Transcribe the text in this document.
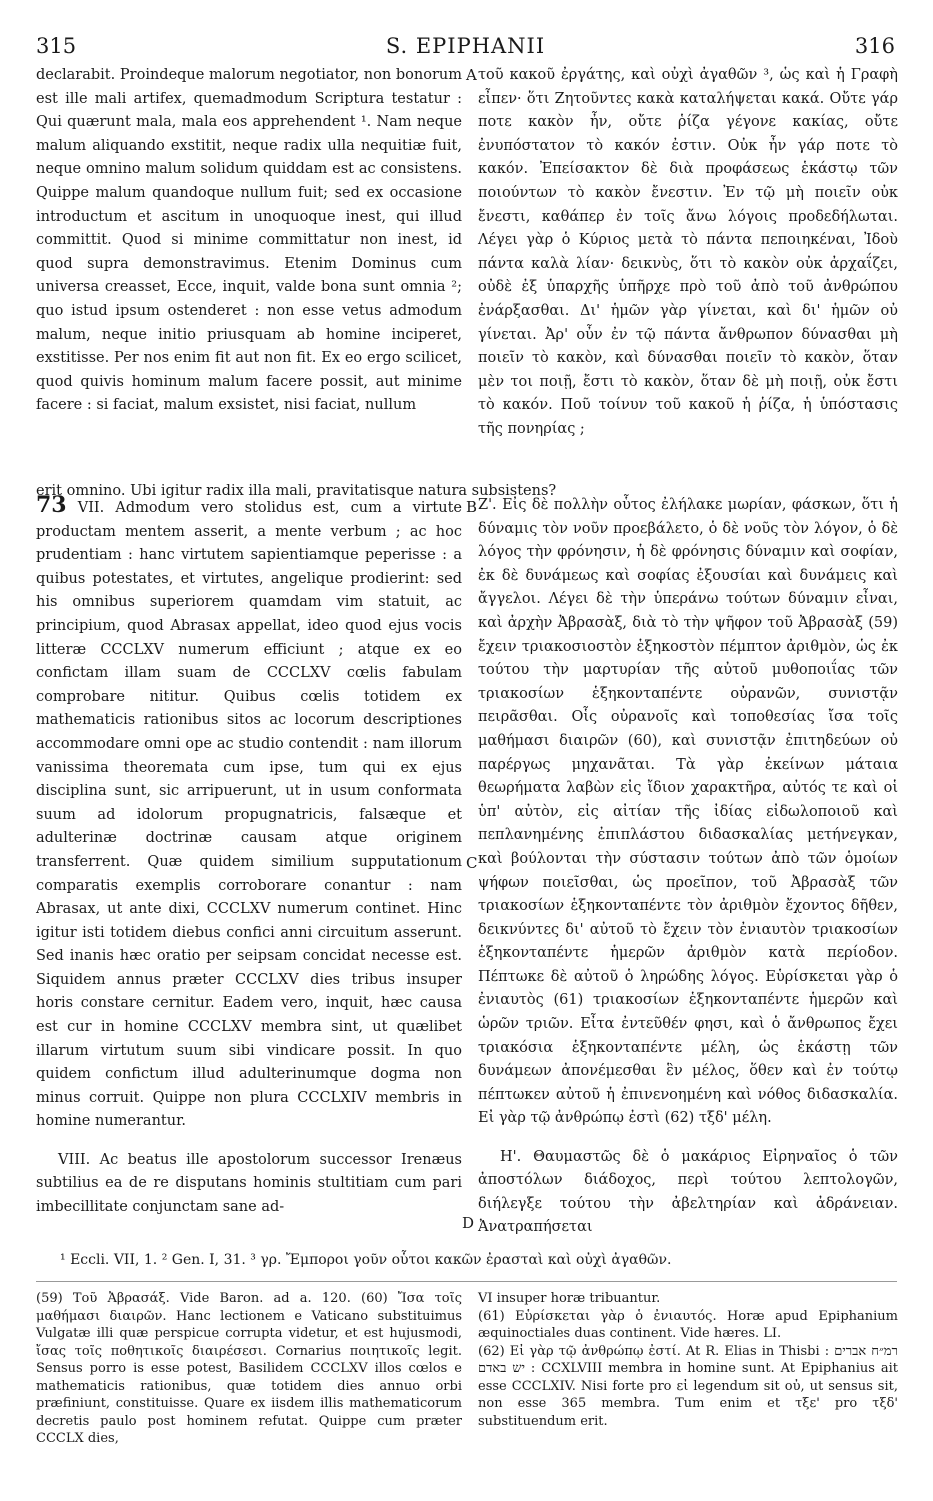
315	S. EPIPHANII	316

declarabit. Proindeque malorum negotiator, non bonorum est ille mali artifex, quemadmodum Scriptura testatur : Qui quærunt mala, mala eos apprehendent ¹. Nam neque malum aliquando exstitit, neque radix ulla nequitiæ fuit, neque omnino malum solidum quiddam est ac consistens. Quippe malum quandoque nullum fuit; sed ex occasione introductum et ascitum in unoquoque inest, qui illud committit. Quod si minime committatur non inest, id quod supra demonstravimus. Etenim Dominus cum universa creasset, Ecce, inquit, valde bona sunt omnia ²; quo istud ipsum ostenderet : non esse vetus admodum malum, neque initio priusquam ab homine inciperet, exstitisse. Per nos enim fit aut non fit. Ex eo ergo scilicet, quod quivis hominum malum facere possit, aut minime facere : si faciat, malum exsistet, nisi faciat, nullum

A τοῦ κακοῦ ἐργάτης, καὶ οὐχὶ ἀγαθῶν ³, ὡς καὶ ἡ Γραφὴ εἶπεν· ὅτι Ζητοῦντες κακὰ καταλήψεται κακά. Οὔτε γάρ ποτε κακὸν ἦν, οὔτε ῥίζα γέγονε κακίας, οὔτε ἐνυπόστατον τὸ κακόν ἐστιν. Οὐκ ἦν γάρ ποτε τὸ κακόν. Ἐπείσακτον δὲ διὰ προφάσεως ἑκάστῳ τῶν ποιούντων τὸ κακὸν ἔνεστιν. Ἐν τῷ μὴ ποιεῖν οὐκ ἔνεστι, καθάπερ ἐν τοῖς ἄνω λόγοις προδεδήλωται. Λέγει γὰρ ὁ Κύριος μετὰ τὸ πάντα πεποιηκέναι, Ἰδοὺ πάντα καλὰ λίαν· δεικνὺς, ὅτι τὸ κακὸν οὐκ ἀρχαΐζει, οὐδὲ ἐξ ὑπαρχῆς ὑπῆρχε πρὸ τοῦ ἀπὸ τοῦ ἀνθρώπου ἐνάρξασθαι. Δι' ἡμῶν γὰρ γίνεται, καὶ δι' ἡμῶν οὐ γίνεται. Ἀρ' οὖν ἐν τῷ πάντα ἄνθρωπον δύνασθαι μὴ ποιεῖν τὸ κακὸν, καὶ δύνασθαι ποιεῖν τὸ κακὸν, ὅταν μὲν τοι ποιῇ, ἔστι τὸ κακὸν, ὅταν δὲ μὴ ποιῇ, οὐκ ἔστι τὸ κακόν. Ποῦ τοίνυν τοῦ κακοῦ ἡ ῥίζα, ἡ ὑπόστασις τῆς πονηρίας ;

erit omnino. Ubi igitur radix illa mali, pravitatisque natura subsistens?

73 VII. Admodum vero stolidus est, cum a virtute productam mentem asserit, a mente verbum ; ac hoc prudentiam : hanc virtutem sapientiamque peperisse : a quibus potestates, et virtutes, angelique prodierint: sed his omnibus superiorem quamdam vim statuit, ac principium, quod Abrasax appellat, ideo quod ejus vocis litteræ CCCLXV numerum efficiunt ; atque ex eo confictam illam suam de CCCLXV cœlis fabulam comprobare nititur. Quibus cœlis totidem ex mathematicis rationibus sitos ac locorum descriptiones accommodare omni ope ac studio contendit : nam illorum vanissima theoremata cum ipse, tum qui ex ejus disciplina sunt, sic arripuerunt, ut in usum conformata suum ad idolorum propugnatricis, falsæque et adulterinæ doctrinæ causam atque originem transferrent. Quæ quidem similium supputationum comparatis exemplis corroborare conantur : nam Abrasax, ut ante dixi, CCCLXV numerum continet. Hinc igitur isti totidem diebus confici anni circuitum asserunt. Sed inanis hæc oratio per seipsam concidat necesse est. Siquidem annus præter CCCLXV dies tribus insuper horis constare cernitur. Eadem vero, inquit, hæc causa est cur in homine CCCLXV membra sint, ut quælibet illarum virtutum suum sibi vindicare possit. In quo quidem confictum illud adulterinumque dogma non minus corruit. Quippe non plura CCCLXIV membris in homine numerantur.

VIII. Ac beatus ille apostolorum successor Irenæus subtilius ea de re disputans hominis stultitiam cum pari imbecillitate conjunctam sane ad-

B
C
D

Ζ'. Εἰς δὲ πολλὴν οὗτος ἐλήλακε μωρίαν, φάσκων, ὅτι ἡ δύναμις τὸν νοῦν προεβάλετο, ὁ δὲ νοῦς τὸν λόγον, ὁ δὲ λόγος τὴν φρόνησιν, ἡ δὲ φρόνησις δύναμιν καὶ σοφίαν, ἐκ δὲ δυνάμεως καὶ σοφίας ἐξουσίαι καὶ δυνάμεις καὶ ἄγγελοι. Λέγει δὲ τὴν ὑπεράνω τούτων δύναμιν εἶναι, καὶ ἀρχὴν Ἀβρασὰξ, διὰ τὸ τὴν ψῆφον τοῦ Ἀβρασὰξ (59) ἔχειν τριακοσιοστὸν ἑξηκοστὸν πέμπτον ἀριθμὸν, ὡς ἐκ τούτου τὴν μαρτυρίαν τῆς αὐτοῦ μυθοποιΐας τῶν τριακοσίων ἑξηκονταπέντε οὐρανῶν, συνιστᾷν πειρᾶσθαι. Οἷς οὐρανοῖς καὶ τοποθεσίας ἴσα τοῖς μαθήμασι διαιρῶν (60), καὶ συνιστᾷν ἐπιτηδεύων οὐ παρέργως μηχανᾶται. Τὰ γὰρ ἐκείνων μάταια θεωρήματα λαβὼν εἰς ἴδιον χαρακτῆρα, αὐτός τε καὶ οἱ ὑπ' αὐτὸν, εἰς αἰτίαν τῆς ἰδίας εἰδωλοποιοῦ καὶ πεπλανημένης ἐπιπλάστου διδασκαλίας μετήνεγκαν, καὶ βούλονται τὴν σύστασιν τούτων ἀπὸ τῶν ὁμοίων ψήφων ποιεῖσθαι, ὡς προεῖπον, τοῦ Ἀβρασὰξ τῶν τριακοσίων ἑξηκονταπέντε τὸν ἀριθμὸν ἔχοντος δῆθεν, δεικνύντες δι' αὐτοῦ τὸ ἔχειν τὸν ἐνιαυτὸν τριακοσίων ἑξηκονταπέντε ἡμερῶν ἀριθμὸν κατὰ περίοδον. Πέπτωκε δὲ αὐτοῦ ὁ ληρώδης λόγος. Εὑρίσκεται γὰρ ὁ ἐνιαυτὸς (61) τριακοσίων ἑξηκονταπέντε ἡμερῶν καὶ ὡρῶν τριῶν. Εἶτα ἐντεῦθέν φησι, καὶ ὁ ἄνθρωπος ἔχει τριακόσια ἑξηκονταπέντε μέλη, ὡς ἑκάστῃ τῶν δυνάμεων ἀπονέμεσθαι ἓν μέλος, ὅθεν καὶ ἐν τούτῳ πέπτωκεν αὐτοῦ ἡ ἐπινενοημένη καὶ νόθος διδασκαλία. Εἰ γὰρ τῷ ἀνθρώπῳ ἐστὶ (62) τξδ' μέλη.

Η'. Θαυμαστῶς δὲ ὁ μακάριος Εἰρηναῖος ὁ τῶν ἀποστόλων διάδοχος, περὶ τούτου λεπτολογῶν, διήλεγξε τούτου τὴν ἀβελτηρίαν καὶ ἀδράνειαν. Ἀνατραπήσεται

¹ Eccli. VII, 1. ² Gen. I, 31. ³ γρ. Ἔμποροι γοῦν οὗτοι κακῶν ἐρασταὶ καὶ οὐχὶ ἀγαθῶν.

(59) Τοῦ Ἀβρασάξ. Vide Baron. ad a. 120. (60) Ἴσα τοῖς μαθήμασι διαιρῶν. Hanc lectionem e Vaticano substituimus Vulgatæ illi quæ perspicue corrupta videtur, et est hujusmodi, ἴσας τοῖς ποθητικοῖς διαιρέσεσι. Cornarius ποιητικοῖς legit. Sensus porro is esse potest, Basilidem CCCLXV illos cœlos e mathematicis rationibus, quæ totidem dies annuo orbi præfiniunt, constituisse. Quare ex iisdem illis mathematicorum decretis paulo post hominem refutat. Quippe cum præter CCCLX dies,

VI insuper horæ tribuantur.

(61) Εὑρίσκεται γὰρ ὁ ἐνιαυτός. Horæ apud Epiphanium æquinoctiales duas continent. Vide hæres. LI.

(62) Εἰ γὰρ τῷ ἀνθρώπῳ ἐστί. At R. Elias in Thisbi : רמ״ח אברים יש באדם : CCXLVIII membra in homine sunt. At Epiphanius ait esse CCCLXIV. Nisi forte pro εἰ legendum sit οὐ, ut sensus sit, non esse 365 membra. Tum enim et τξε' pro τξδ' substituendum erit.
